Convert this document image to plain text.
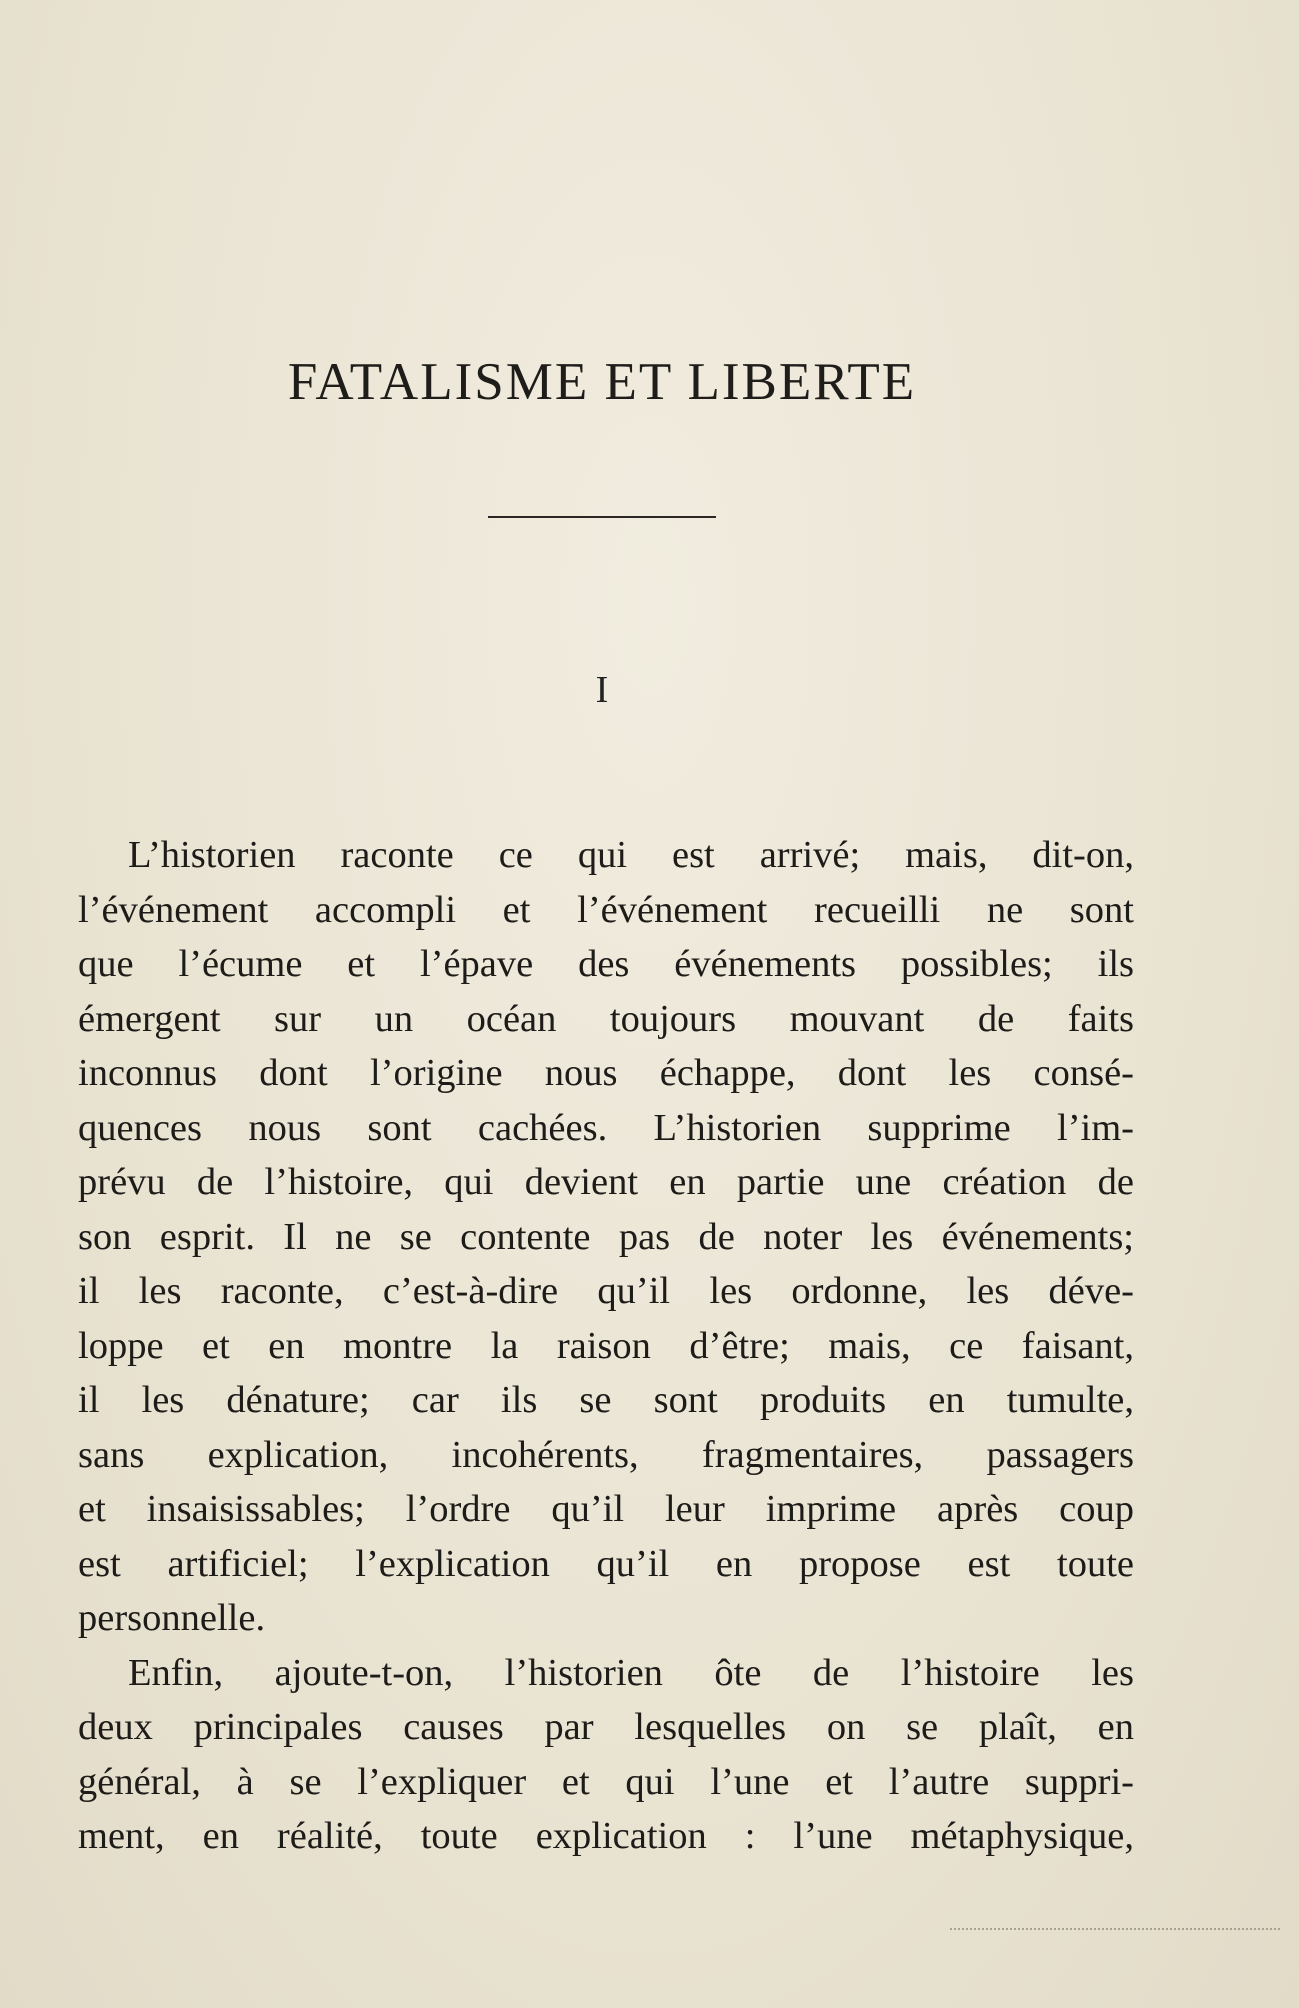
FATALISME ET LIBERTE
I
L’historien raconte ce qui est arrivé; mais, dit-on,
l’événement accompli et l’événement recueilli ne sont
que l’écume et l’épave des événements possibles; ils
émergent sur un océan toujours mouvant de faits
inconnus dont l’origine nous échappe, dont les consé-
quences nous sont cachées. L’historien supprime l’im-
prévu de l’histoire, qui devient en partie une création de
son esprit. Il ne se contente pas de noter les événements;
il les raconte, c’est-à-dire qu’il les ordonne, les déve-
loppe et en montre la raison d’être; mais, ce faisant,
il les dénature; car ils se sont produits en tumulte,
sans explication, incohérents, fragmentaires, passagers
et insaisissables; l’ordre qu’il leur imprime après coup
est artificiel; l’explication qu’il en propose est toute
personnelle.
Enfin, ajoute-t-on, l’historien ôte de l’histoire les
deux principales causes par lesquelles on se plaît, en
général, à se l’expliquer et qui l’une et l’autre suppri-
ment, en réalité, toute explication : l’une métaphysique,
